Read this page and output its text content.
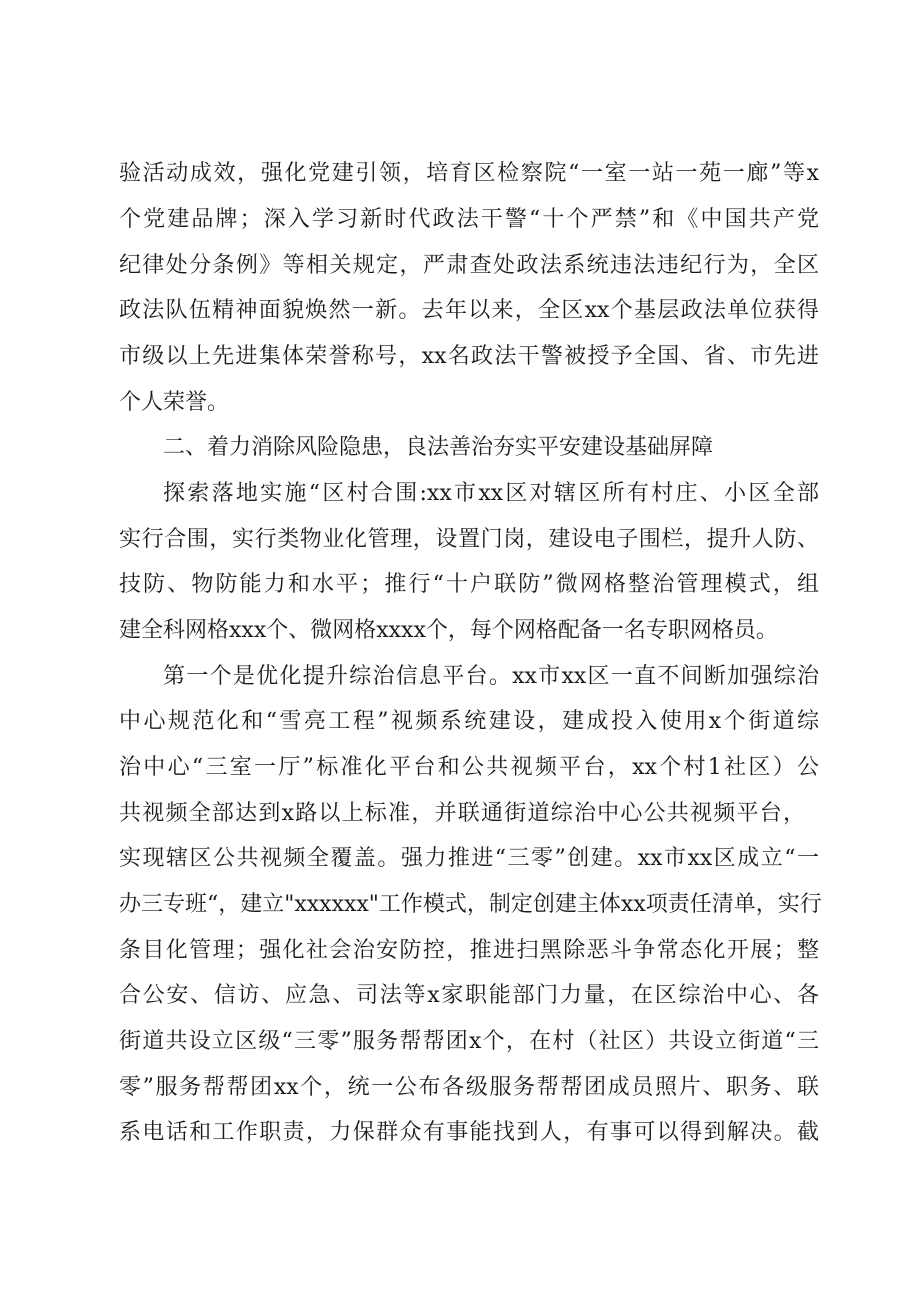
验活动成效，强化党建引领，培育区检察院“一室一站一苑一廊”等x
个党建品牌；深入学习新时代政法干警“十个严禁”和《中国共产党
纪律处分条例》等相关规定，严肃查处政法系统违法违纪行为，全区
政法队伍精神面貌焕然一新。去年以来，全区xx个基层政法单位获得
市级以上先进集体荣誉称号，xx名政法干警被授予全国、省、市先进
个人荣誉。
二、着力消除风险隐患，良法善治夯实平安建设基础屏障
探索落地实施“区村合围:xx市xx区对辖区所有村庄、小区全部
实行合围，实行类物业化管理，设置门岗，建设电子围栏，提升人防、
技防、物防能力和水平；推行“十户联防”微网格整治管理模式，组
建全科网格xxx个、微网格xxxx个，每个网格配备一名专职网格员。
第一个是优化提升综治信息平台。xx市xx区一直不间断加强综治
中心规范化和“雪亮工程”视频系统建设，建成投入使用x个街道综
治中心“三室一厅”标准化平台和公共视频平台，xx个村1社区）公
共视频全部达到x路以上标准，并联通街道综治中心公共视频平台，
实现辖区公共视频全覆盖。强力推进“三零”创建。xx市xx区成立“一
办三专班“，建立"xxxxxx"工作模式，制定创建主体xx项责任清单，实行
条目化管理；强化社会治安防控，推进扫黑除恶斗争常态化开展；整
合公安、信访、应急、司法等x家职能部门力量，在区综治中心、各
街道共设立区级“三零”服务帮帮团x个，在村（社区）共设立街道“三
零”服务帮帮团xx个，统一公布各级服务帮帮团成员照片、职务、联
系电话和工作职责，力保群众有事能找到人，有事可以得到解决。截
